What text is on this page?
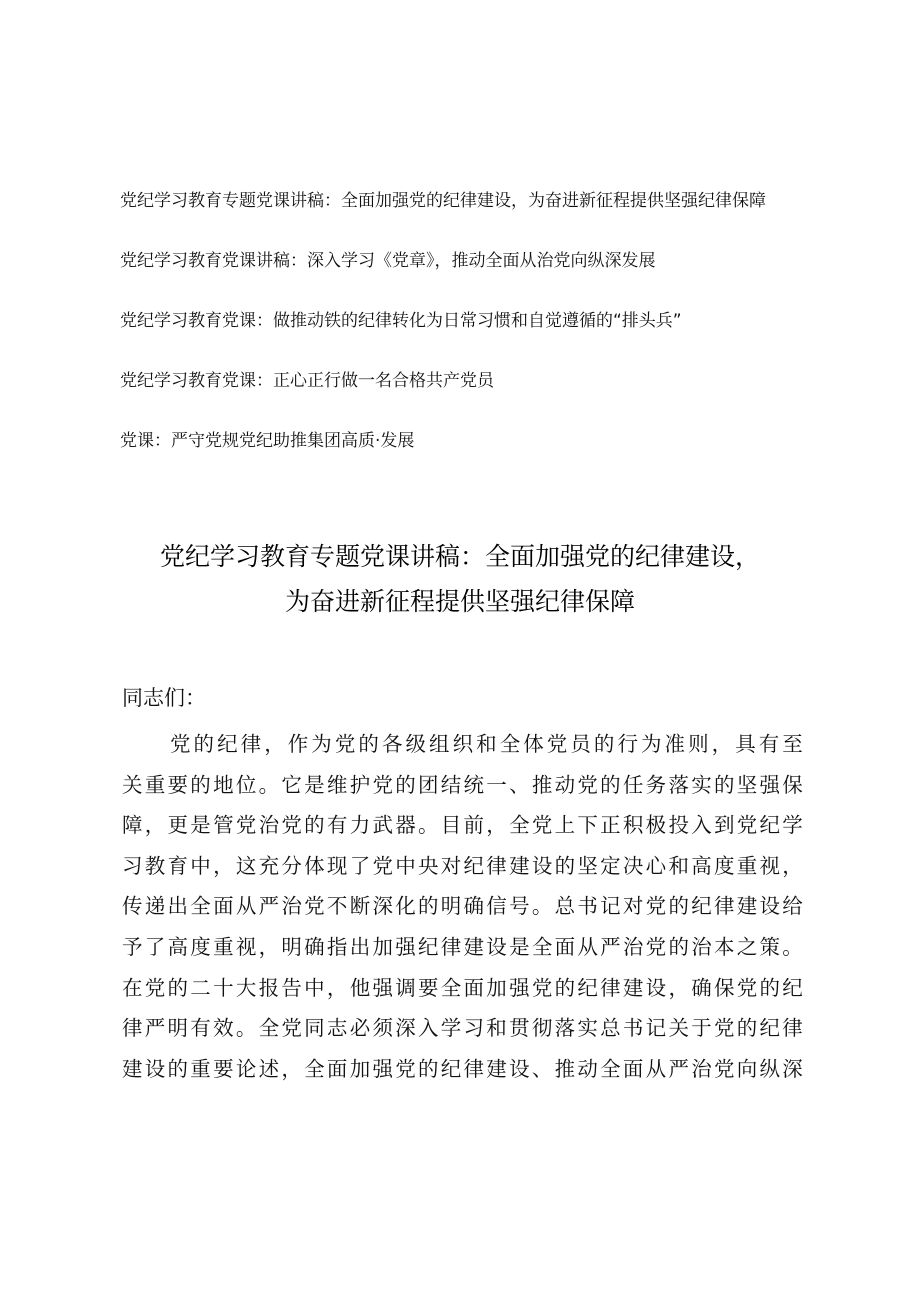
党纪学习教育专题党课讲稿：全面加强党的纪律建设，为奋进新征程提供坚强纪律保障
党纪学习教育党课讲稿：深入学习《党章》，推动全面从治党向纵深发展
党纪学习教育党课：做推动铁的纪律转化为日常习惯和自觉遵循的“排头兵”
党纪学习教育党课：正心正行做一名合格共产党员
党课：严守党规党纪助推集团高质·发展
党纪学习教育专题党课讲稿：全面加强党的纪律建设，
为奋进新征程提供坚强纪律保障
同志们：
党的纪律，作为党的各级组织和全体党员的行为准则，具有至
关重要的地位。它是维护党的团结统一、推动党的任务落实的坚强保
障，更是管党治党的有力武器。目前，全党上下正积极投入到党纪学
习教育中，这充分体现了党中央对纪律建设的坚定决心和高度重视，
传递出全面从严治党不断深化的明确信号。总书记对党的纪律建设给
予了高度重视，明确指出加强纪律建设是全面从严治党的治本之策。
在党的二十大报告中，他强调要全面加强党的纪律建设，确保党的纪
律严明有效。全党同志必须深入学习和贯彻落实总书记关于党的纪律
建设的重要论述，全面加强党的纪律建设、推动全面从严治党向纵深
